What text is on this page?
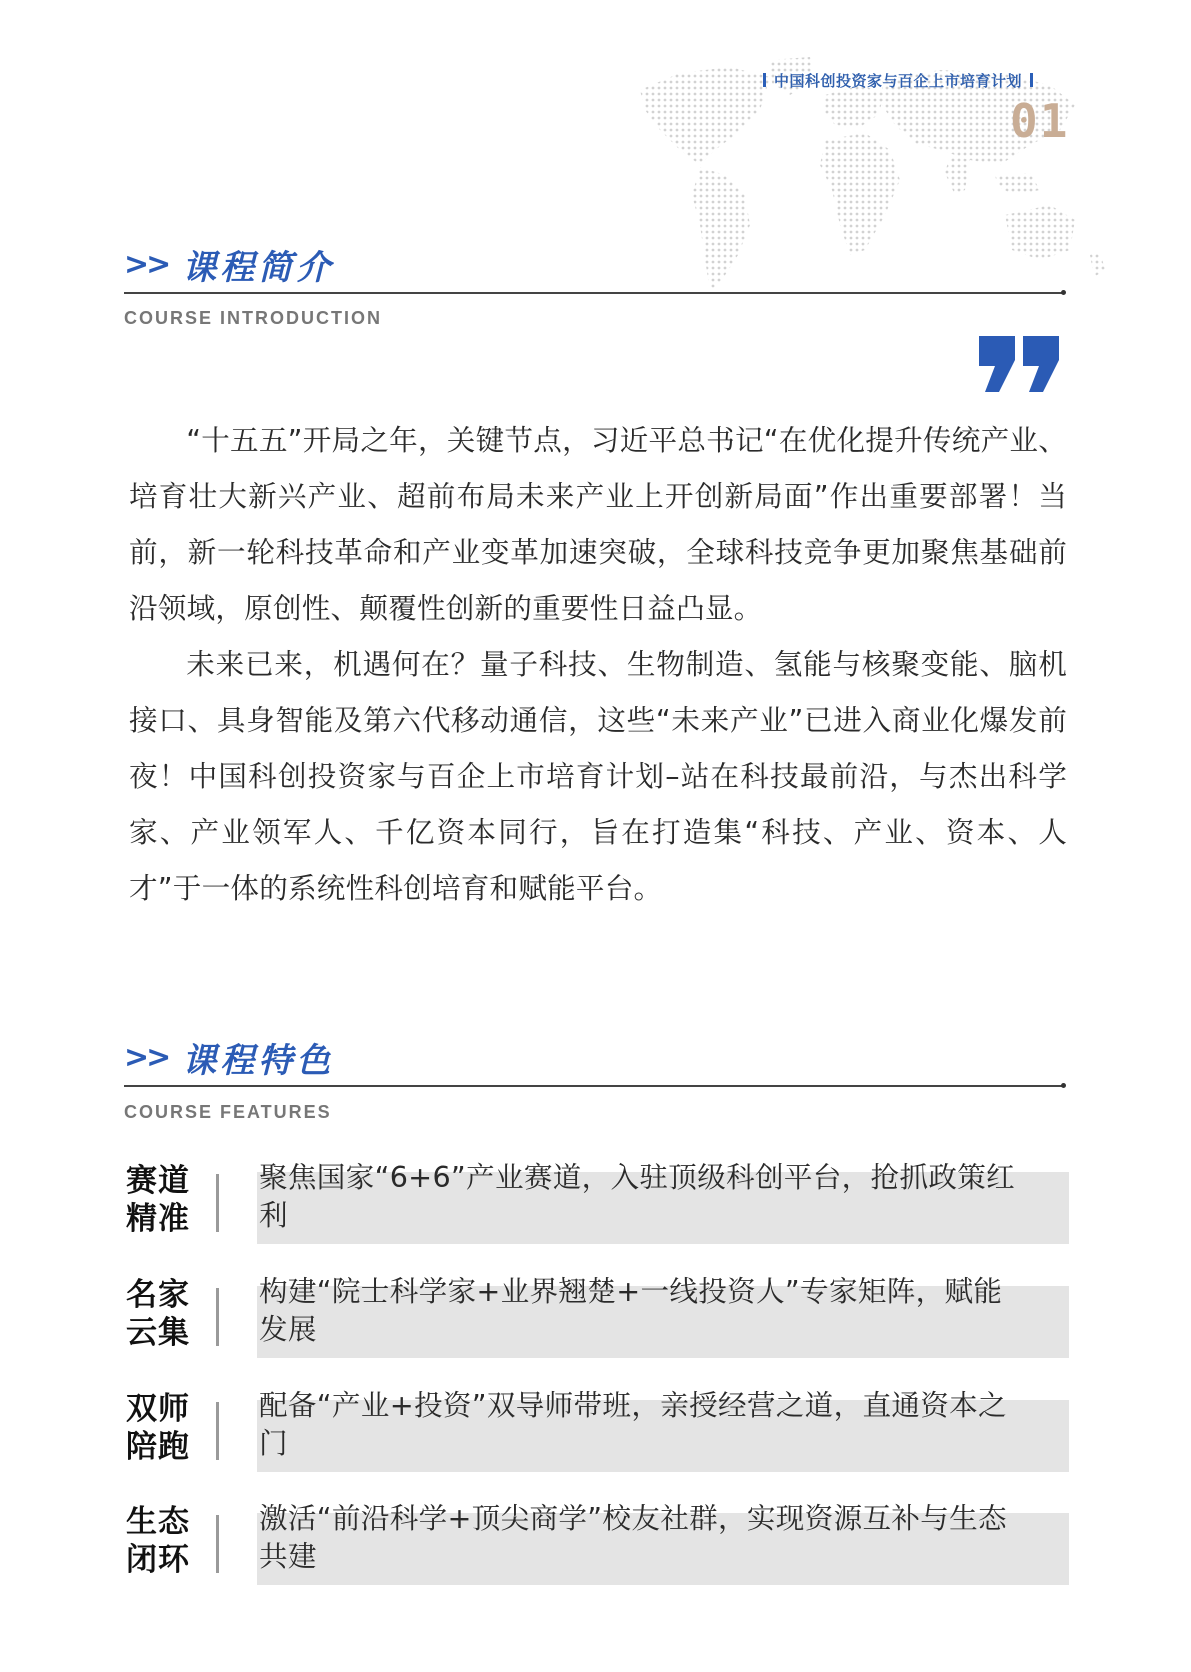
中国科创投资家与百企上市培育计划
01
>> 课程简介
COURSE INTRODUCTION

“十五五”开局之年，关键节点，习近平总书记“在优化提升传统产业、培育壮大新兴产业、超前布局未来产业上开创新局面”作出重要部署！当前，新一轮科技革命和产业变革加速突破，全球科技竞争更加聚焦基础前沿领域，原创性、颠覆性创新的重要性日益凸显。

未来已来，机遇何在？量子科技、生物制造、氢能与核聚变能、脑机接口、具身智能及第六代移动通信，这些“未来产业”已进入商业化爆发前夜！中国科创投资家与百企上市培育计划–站在科技最前沿，与杰出科学家、产业领军人、千亿资本同行，旨在打造集“科技、产业、资本、人才”于一体的系统性科创培育和赋能平台。

>> 课程特色
COURSE FEATURES
赛道
精准
聚焦国家“6+6”产业赛道，入驻顶级科创平台，抢抓政策红利
名家
云集
构建“院士科学家+业界翘楚+一线投资人”专家矩阵，赋能发展
双师
陪跑
配备“产业+投资”双导师带班，亲授经营之道，直通资本之门
生态
闭环
激活“前沿科学+顶尖商学”校友社群，实现资源互补与生态共建
